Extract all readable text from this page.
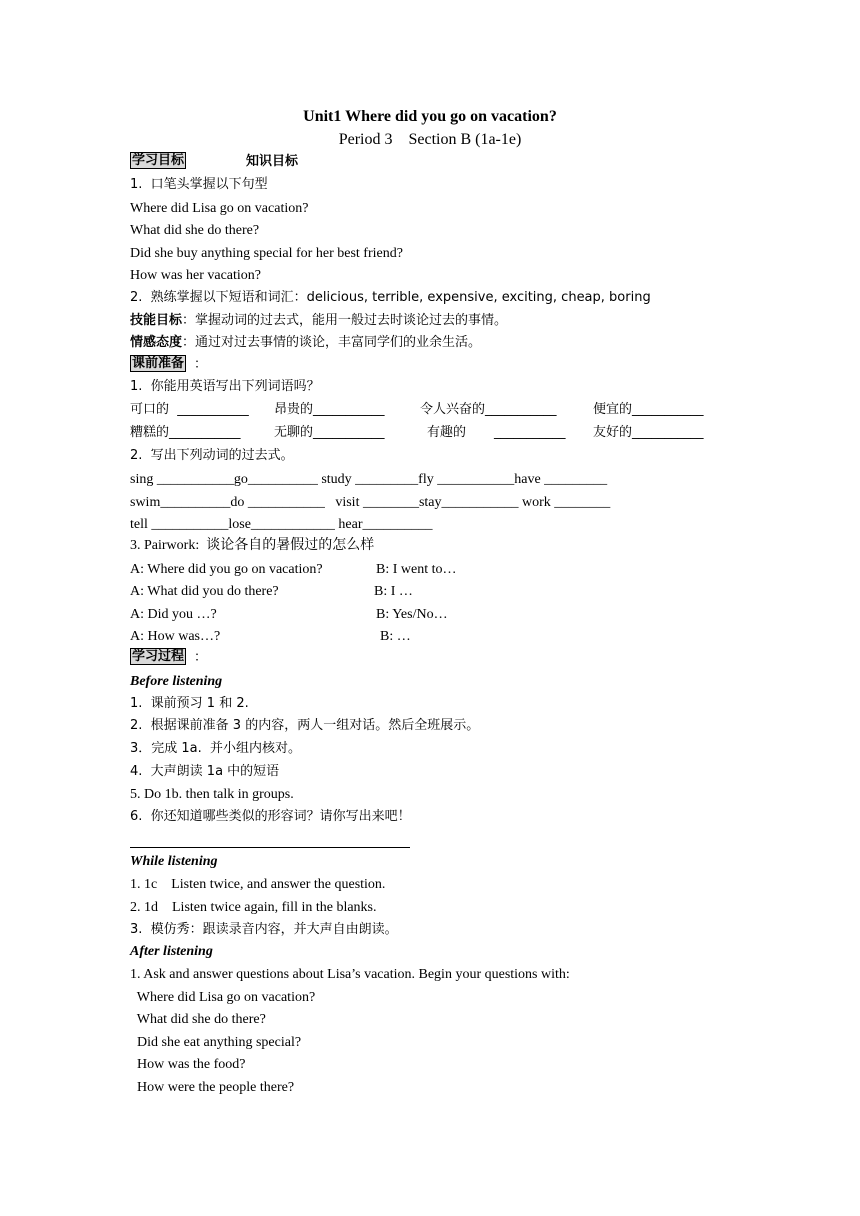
Unit1 Where did you go on vacation?
Period 3    Section B (1a-1e)
学习目标	知识目标
1.  口笔头掌握以下句型
Where did Lisa go on vacation?
What did she do there?
Did she buy anything special for her best friend?
How was her vacation?
2.  熟练掌握以下短语和词汇：delicious, terrible, expensive, exciting, cheap, boring
技能目标：掌握动词的过去式，能用一般过去时谈论过去的事情。
情感态度：通过对过去事情的谈论，丰富同学们的业余生活。
课前准备 ：
1.  你能用英语写出下列词语吗？
可口的  ___________ 昂贵的___________	令人兴奋的___________	便宜的___________
糟糕的___________	无聊的___________	有趣的 ___________ 友好的___________
2.  写出下列动词的过去式。
sing ___________go__________ study _________fly ___________have _________
swim__________do ___________   visit ________stay___________ work ________
tell ___________lose____________ hear__________
3. Pairwork:  谈论各自的暑假过的怎么样
A: Where did you go on vacation?	B: I went to…
A: What did you do there?	B: I …
A: Did you …?	B: Yes/No…
A: How was…?	B: …
学习过程 ：
Before listening
1.  课前预习 1 和 2.
2.  根据课前准备 3 的内容，两人一组对话。然后全班展示。
3．完成 1a.  并小组内核对。
4.  大声朗读 1a 中的短语
5. Do 1b. then talk in groups.
6.  你还知道哪些类似的形容词？请你写出来吧！
While listening
1. 1c    Listen twice, and answer the question.
2. 1d    Listen twice again, fill in the blanks.
3.  模仿秀：跟读录音内容，并大声自由朗读。
After listening
1. Ask and answer questions about Lisa’s vacation. Begin your questions with:
Where did Lisa go on vacation?
What did she do there?
Did she eat anything special?
How was the food?
How were the people there?
